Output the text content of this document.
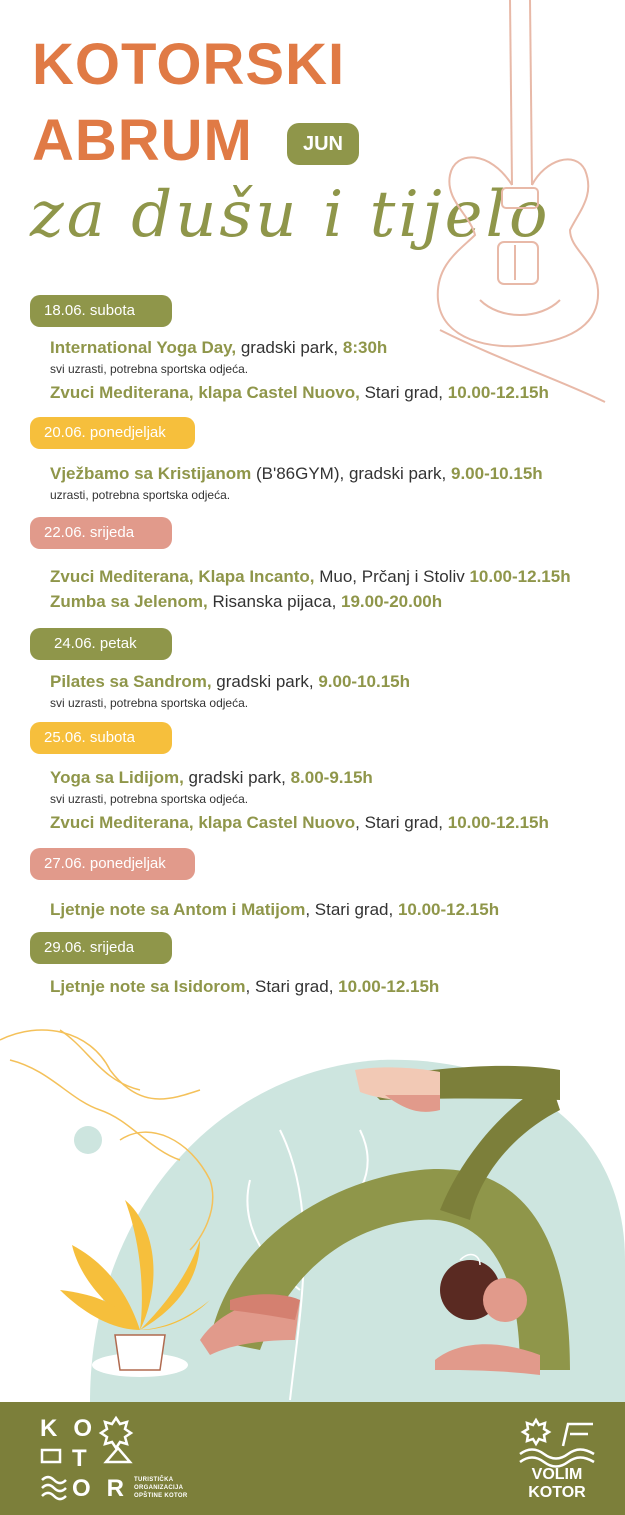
KOTORSKI
ABRUM	JUN
za dušu i tijelo
18.06. subota
International Yoga Day, gradski park, 8:30h
svi uzrasti, potrebna sportska odjeća.
Zvuci Mediterana, klapa Castel Nuovo, Stari grad, 10.00-12.15h
20.06. ponedjeljak
Vježbamo sa Kristijanom (B'86GYM), gradski park, 9.00-10.15h
uzrasti, potrebna sportska odjeća.
22.06. srijeda
Zvuci Mediterana, Klapa Incanto, Muo, Prčanj i Stoliv 10.00-12.15h
Zumba sa Jelenom, Risanska pijaca, 19.00-20.00h
24.06. petak
Pilates sa Sandrom, gradski park, 9.00-10.15h
svi uzrasti, potrebna sportska odjeća.
25.06. subota
Yoga sa Lidijom, gradski park, 8.00-9.15h
svi uzrasti, potrebna sportska odjeća.
Zvuci Mediterana, klapa Castel Nuovo, Stari grad, 10.00-12.15h
27.06. ponedjeljak
Ljetnje note sa Antom i Matijom, Stari grad, 10.00-12.15h
29.06. srijeda
Ljetnje note sa Isidorom, Stari grad, 10.00-12.15h
KO
T
OR
TURISTIČKA
ORGANIZACIJA
OPŠTINE KOTOR
VOLIM
KOTOR
